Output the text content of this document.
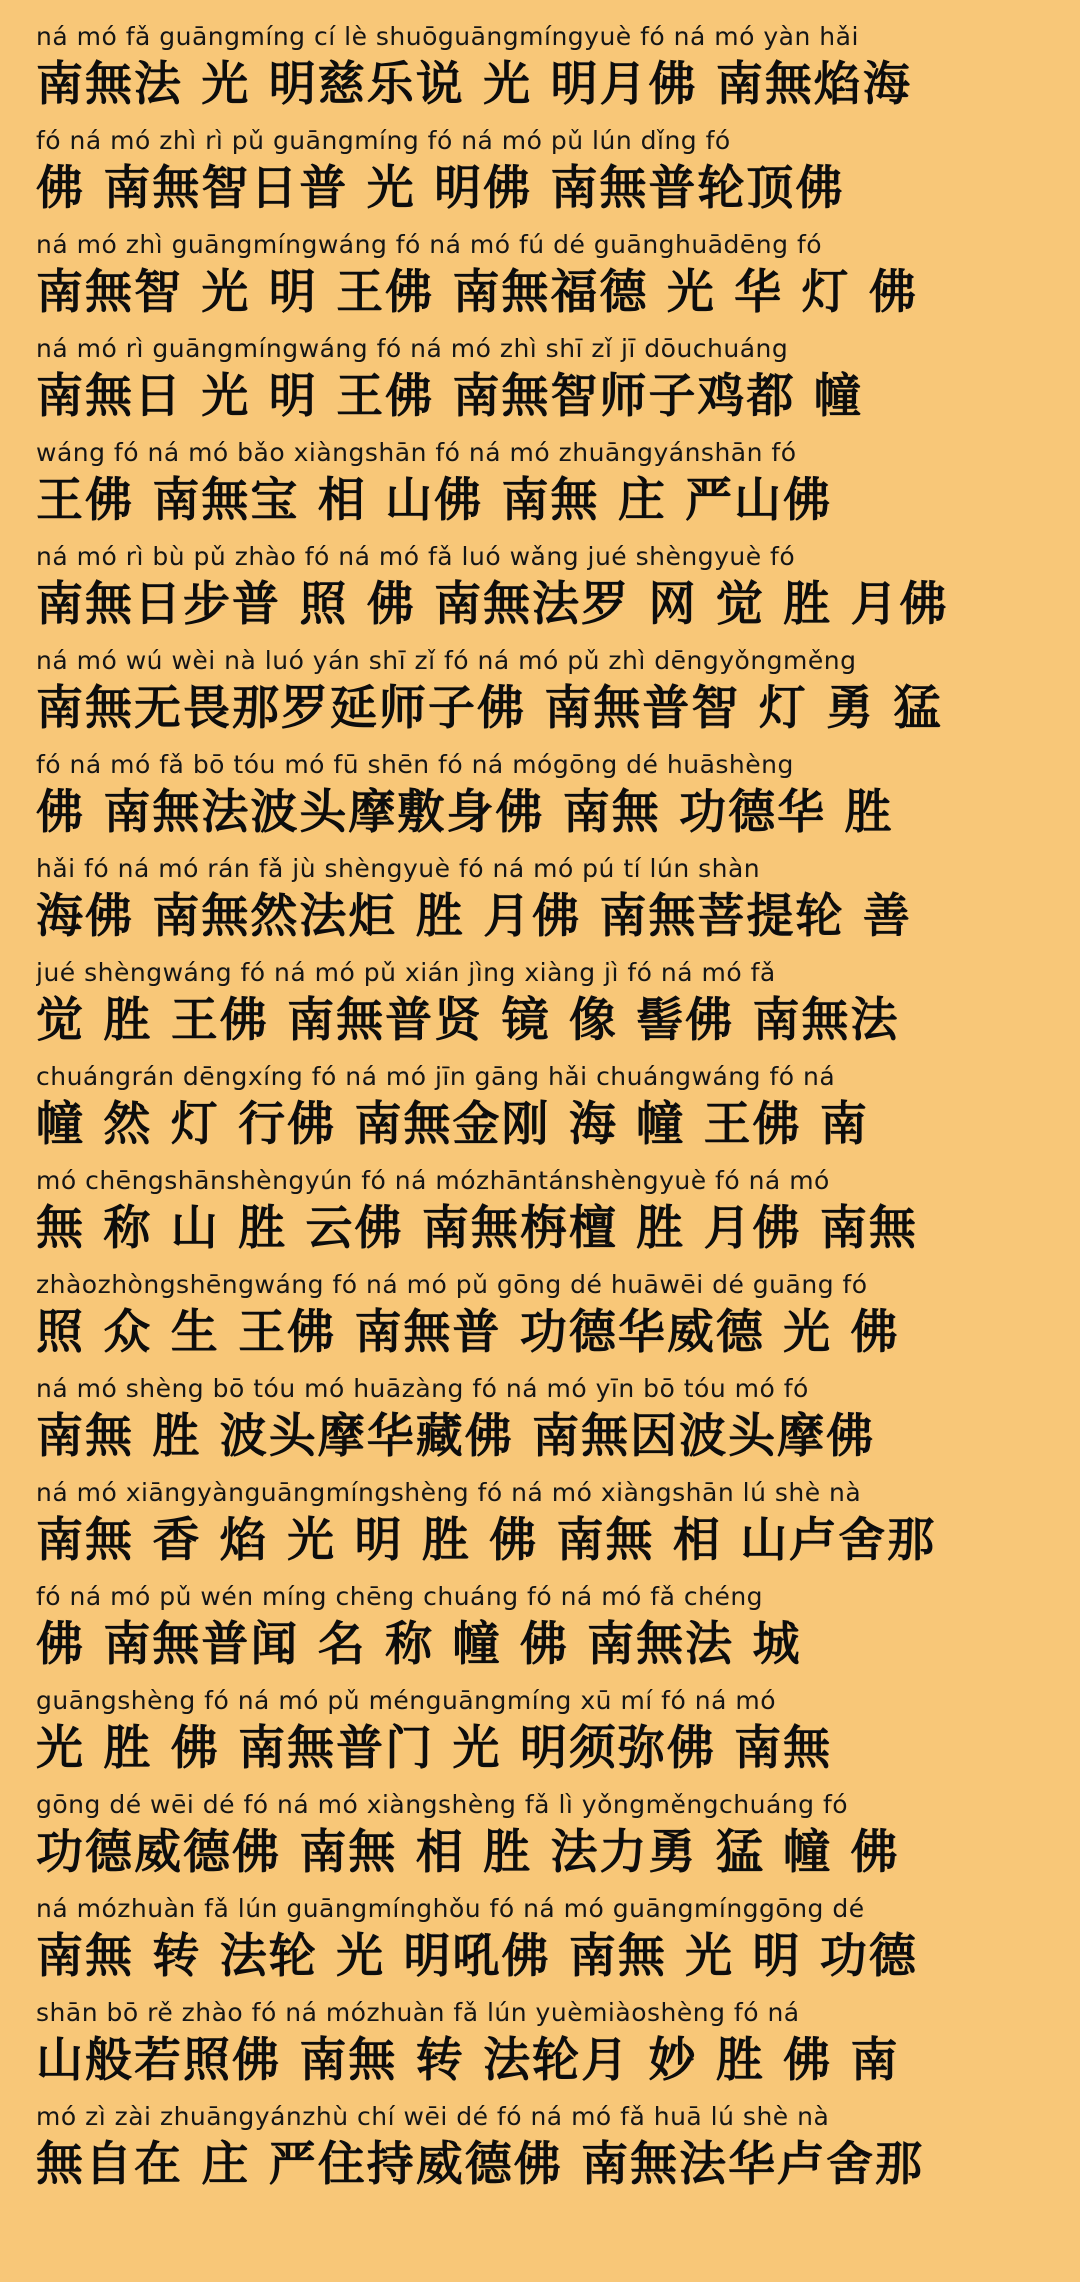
ná mó fǎ guāngmíng cí lè shuōguāngmíngyuè fó ná mó yàn hǎi
南無法 光 明慈乐说 光 明月佛 南無焰海
fó ná mó zhì rì pǔ guāngmíng fó ná mó pǔ lún dǐng fó
佛 南無智日普 光 明佛 南無普轮顶佛
ná mó zhì guāngmíngwáng fó ná mó fú dé guānghuādēng fó
南無智 光 明 王佛 南無福德 光 华 灯 佛
ná mó rì guāngmíngwáng fó ná mó zhì shī zǐ jī dōuchuáng
南無日 光 明 王佛 南無智师子鸡都 幢
wáng fó ná mó bǎo xiàngshān fó ná mó zhuāngyánshān fó
王佛 南無宝 相 山佛 南無 庄 严山佛
ná mó rì bù pǔ zhào fó ná mó fǎ luó wǎng jué shèngyuè fó
南無日步普 照 佛 南無法罗 网 觉 胜 月佛
ná mó wú wèi nà luó yán shī zǐ fó ná mó pǔ zhì dēngyǒngměng
南無无畏那罗延师子佛 南無普智 灯 勇 猛
fó ná mó fǎ bō tóu mó fū shēn fó ná mógōng dé huāshèng
佛 南無法波头摩敷身佛 南無 功德华 胜
hǎi fó ná mó rán fǎ jù shèngyuè fó ná mó pú tí lún shàn
海佛 南無然法炬 胜 月佛 南無菩提轮 善
jué shèngwáng fó ná mó pǔ xián jìng xiàng jì fó ná mó fǎ
觉 胜 王佛 南無普贤 镜 像 髻佛 南無法
chuángrán dēngxíng fó ná mó jīn gāng hǎi chuángwáng fó ná
幢 然 灯 行佛 南無金刚 海 幢 王佛 南
mó chēngshānshèngyún fó ná mózhāntánshèngyuè fó ná mó
無 称 山 胜 云佛 南無栴檀 胜 月佛 南無
zhàozhòngshēngwáng fó ná mó pǔ gōng dé huāwēi dé guāng fó
照 众 生 王佛 南無普 功德华威德 光 佛
ná mó shèng bō tóu mó huāzàng fó ná mó yīn bō tóu mó fó
南無 胜 波头摩华藏佛 南無因波头摩佛
ná mó xiāngyànguāngmíngshèng fó ná mó xiàngshān lú shè nà
南無 香 焰 光 明 胜 佛 南無 相 山卢舍那
fó ná mó pǔ wén míng chēng chuáng fó ná mó fǎ chéng
佛 南無普闻 名 称 幢 佛 南無法 城
guāngshèng fó ná mó pǔ ménguāngmíng xū mí fó ná mó
光 胜 佛 南無普门 光 明须弥佛 南無
gōng dé wēi dé fó ná mó xiàngshèng fǎ lì yǒngměngchuáng fó
功德威德佛 南無 相 胜 法力勇 猛 幢 佛
ná mózhuàn fǎ lún guāngmínghǒu fó ná mó guāngmínggōng dé
南無 转 法轮 光 明吼佛 南無 光 明 功德
shān bō rě zhào fó ná mózhuàn fǎ lún yuèmiàoshèng fó ná
山般若照佛 南無 转 法轮月 妙 胜 佛 南
mó zì zài zhuāngyánzhù chí wēi dé fó ná mó fǎ huā lú shè nà
無自在 庄 严住持威德佛 南無法华卢舍那
